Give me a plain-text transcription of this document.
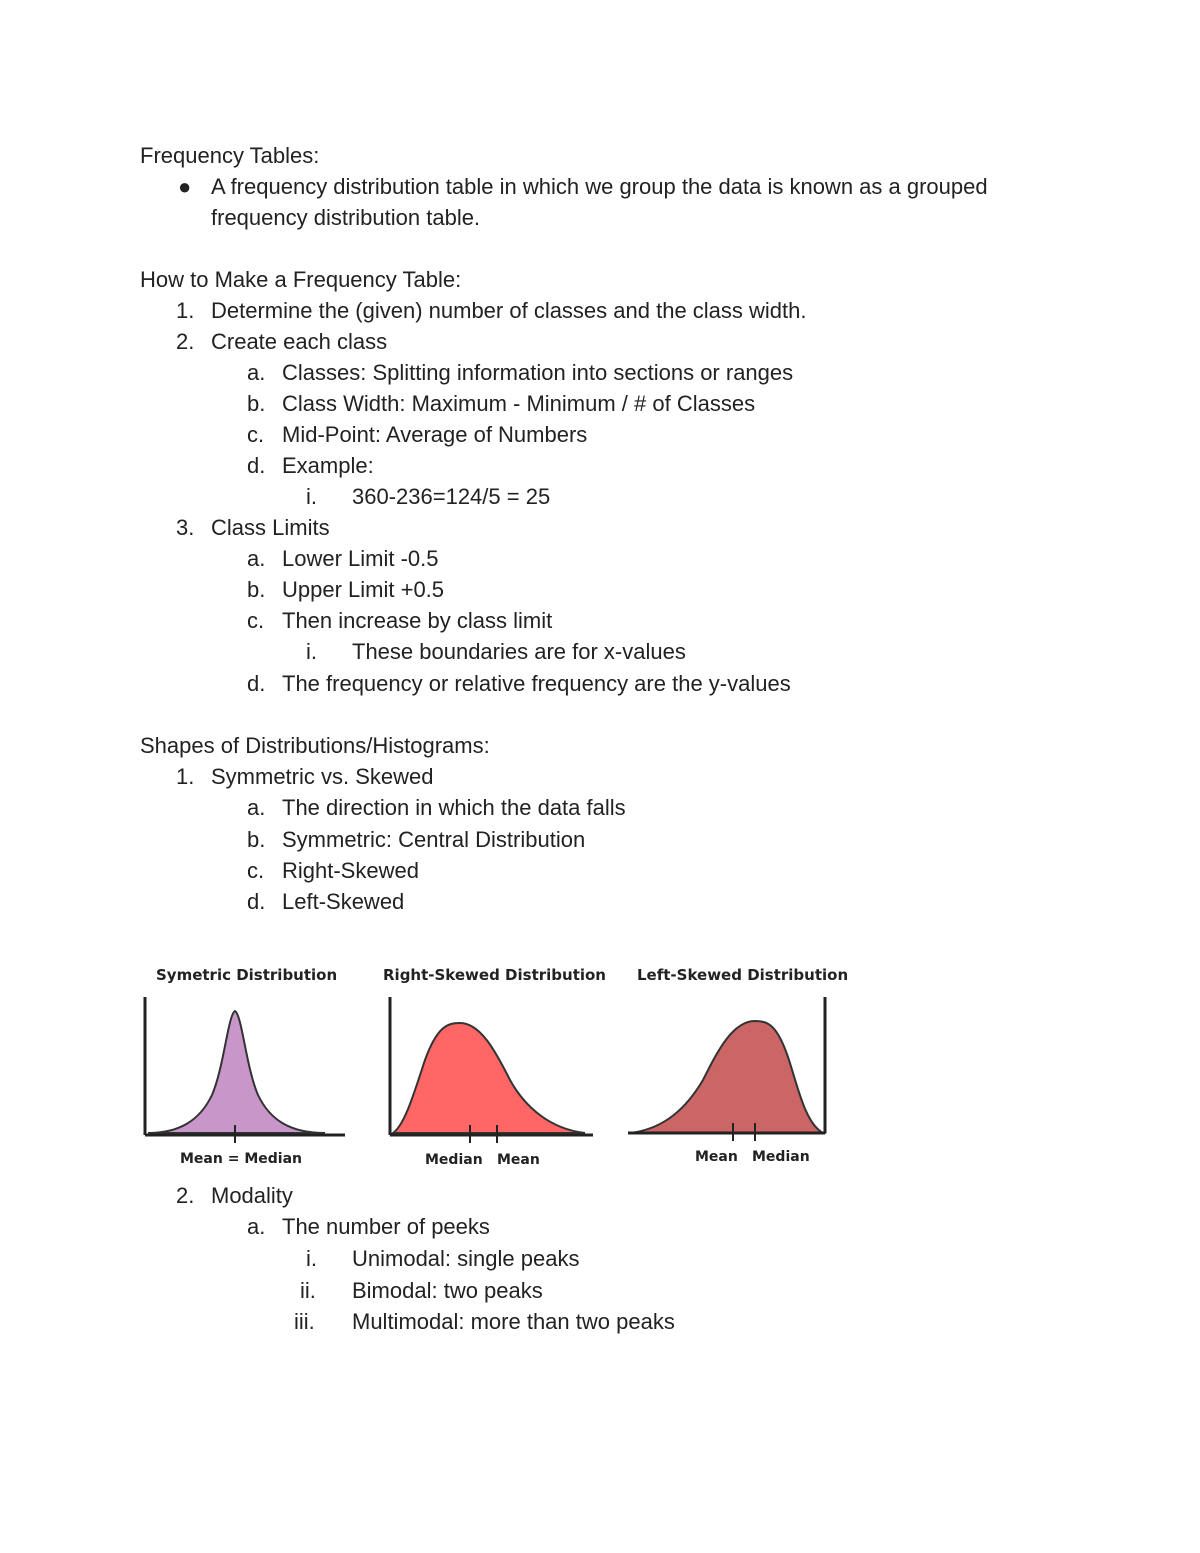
Frequency Tables:
● A frequency distribution table in which we group the data is known as a grouped
frequency distribution table.
How to Make a Frequency Table:
1. Determine the (given) number of classes and the class width.
2. Create each class
a. Classes: Splitting information into sections or ranges
b. Class Width: Maximum - Minimum / # of Classes
c. Mid-Point: Average of Numbers
d. Example:
i. 360-236=124/5 = 25
3. Class Limits
a. Lower Limit -0.5
b. Upper Limit +0.5
c. Then increase by class limit
i. These boundaries are for x-values
d. The frequency or relative frequency are the y-values
Shapes of Distributions/Histograms:
1. Symmetric vs. Skewed
a. The direction in which the data falls
b. Symmetric: Central Distribution
c. Right-Skewed
d. Left-Skewed
Symetric Distribution
Mean = Median
Right-Skewed Distribution
Median Mean
Left-Skewed Distribution
Mean Median
2. Modality
a. The number of peeks
i. Unimodal: single peaks
ii. Bimodal: two peaks
iii. Multimodal: more than two peaks
